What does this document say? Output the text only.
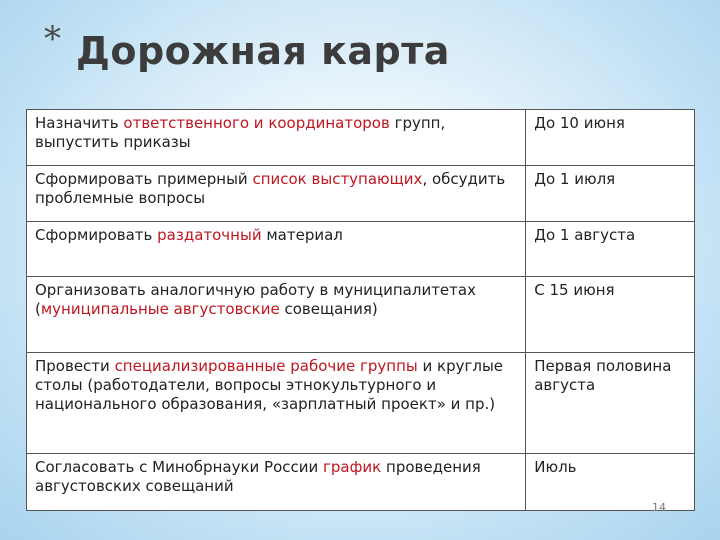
* Дорожная карта
Назначить ответственного и координаторов групп, выпустить приказы	До 10 июня
Сформировать примерный список выступающих, обсудить проблемные вопросы	До 1 июля
Сформировать раздаточный материал	До 1 августа
Организовать аналогичную работу в муниципалитетах (муниципальные августовские совещания)	С 15 июня
Провести специализированные рабочие группы и круглые столы (работодатели, вопросы этнокультурного и национального образования, «зарплатный проект» и пр.)	Первая половина августа
Согласовать с Минобрнауки России график проведения августовских совещаний	Июль
14
